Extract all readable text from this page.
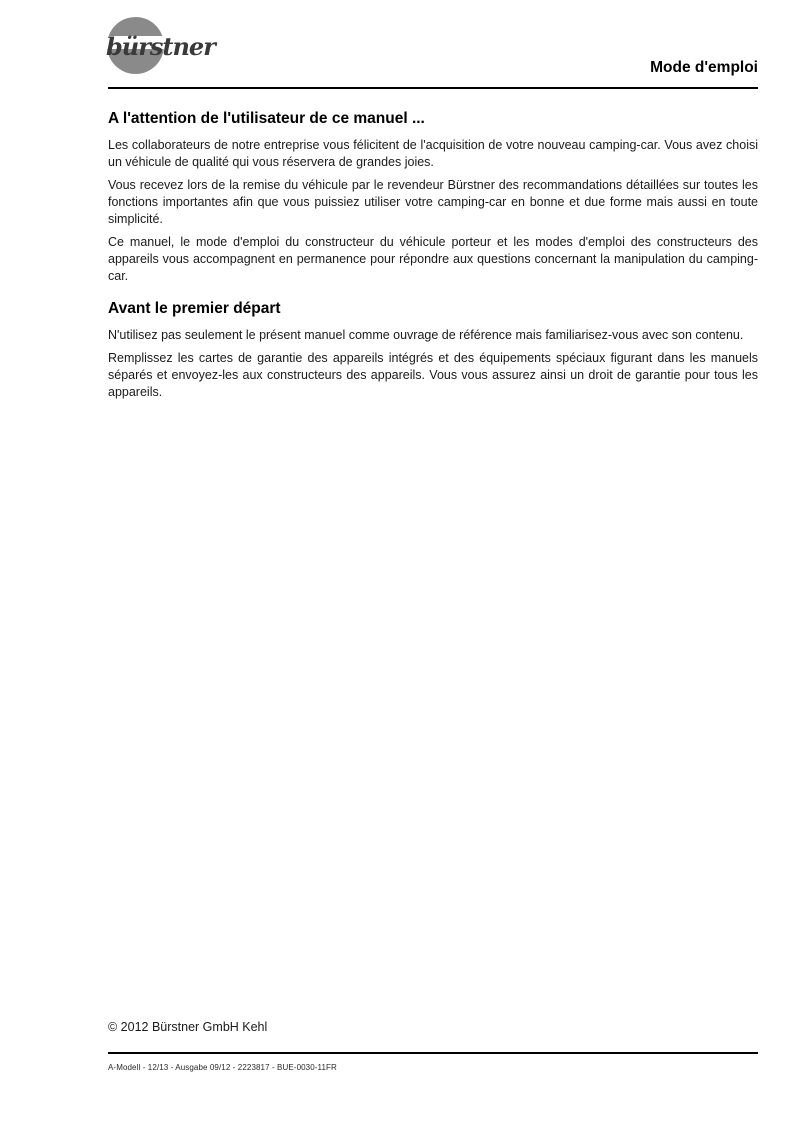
bürstner
Mode d'emploi
A l'attention de l'utilisateur de ce manuel ...

Les collaborateurs de notre entreprise vous félicitent de l'acquisition de votre nouveau camping-car. Vous avez choisi un véhicule de qualité qui vous réservera de grandes joies.

Vous recevez lors de la remise du véhicule par le revendeur Bürstner des recommandations détaillées sur toutes les fonctions importantes afin que vous puissiez utiliser votre camping-car en bonne et due forme mais aussi en toute simplicité.

Ce manuel, le mode d'emploi du constructeur du véhicule porteur et les modes d'emploi des constructeurs des appareils vous accompagnent en permanence pour répondre aux questions concernant la manipulation du camping-car.

Avant le premier départ

N'utilisez pas seulement le présent manuel comme ouvrage de référence mais familiarisez-vous avec son contenu.

Remplissez les cartes de garantie des appareils intégrés et des équipements spéciaux figurant dans les manuels séparés et envoyez-les aux constructeurs des appareils. Vous vous assurez ainsi un droit de garantie pour tous les appareils.

© 2012 Bürstner GmbH Kehl
A-Modell - 12/13 - Ausgabe 09/12 - 2223817 - BUE-0030-11FR
